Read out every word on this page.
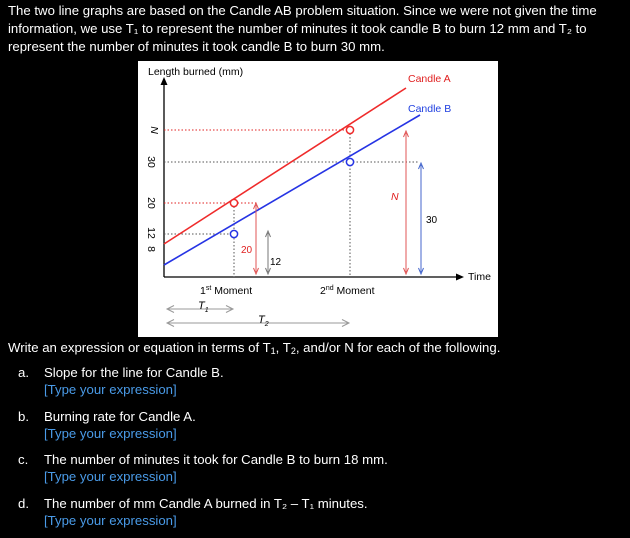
The two line graphs are based on the Candle AB problem situation. Since we were not given the time information, we use T₁ to represent the number of minutes it took candle B to burn 12 mm and T₂ to represent the number of minutes it took candle B to burn 30 mm.

Length burned (mm)
Time
N
30
20
12
8
Candle A
Candle B
20
12
N
30
1st Moment	2nd Moment
$T_1$
$T_2$

Write an expression or equation in terms of $T_1$, $T_2$, and/or N for each of the following.

a. Slope for the line for Candle B.
[Type your expression]
b. Burning rate for Candle A.
[Type your expression]
c. The number of minutes it took for Candle B to burn 18 mm.
[Type your expression]
d. The number of mm Candle A burned in T₂ – T₁ minutes.
[Type your expression]
